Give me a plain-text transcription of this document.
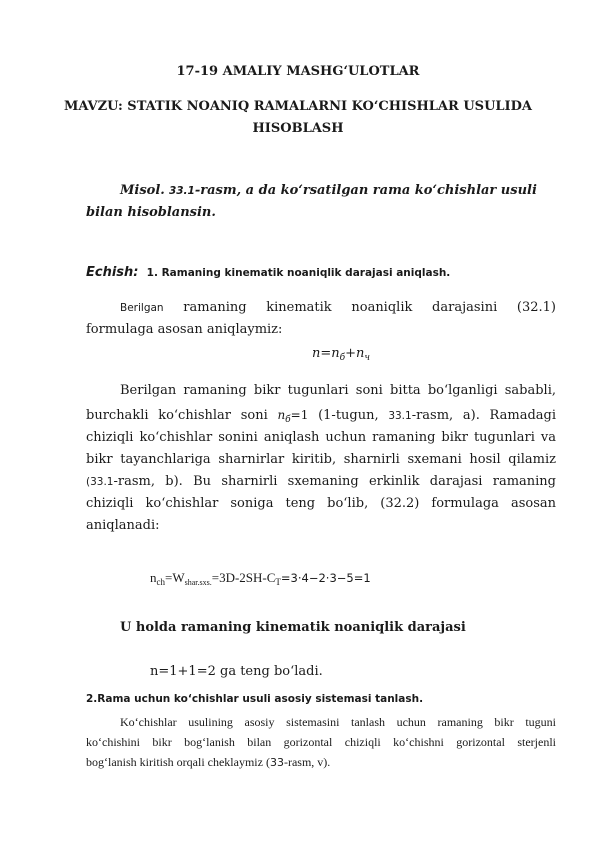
17-19 AMALIY MASHG‘ULOTLAR
MAVZU: STATIK NOANIQ RAMALARNI KO‘CHISHLAR USULIDA
HISOBLASH
Misol. 33.1-rasm, a da ko‘rsatilgan rama ko‘chishlar usuli
bilan hisoblansin.
Echish: 1. Ramaning kinematik noaniqlik darajasi aniqlash.
Berilgan ramaning kinematik noaniqlik darajasini (32.1)
formulaga asosan aniqlaymiz:
$n=n_б+n_ч$
Berilgan ramaning bikr tugunlari soni bitta bo‘lganligi sababli,
burchakli ko‘chishlar soni $n_б=1$ (1-tugun, 33.1-rasm, a). Ramadagi
chiziqli ko‘chishlar sonini aniqlash uchun ramaning bikr tugunlari va
bikr tayanchlariga sharnirlar kiritib, sharnirli sxemani hosil qilamiz
(33.1-rasm, b). Bu sharnirli sxemaning erkinlik darajasi ramaning
chiziqli ko‘chishlar soniga teng bo‘lib, (32.2) formulaga asosan
aniqlanadi:
$n_{ch}=W_{shar.sxs.}=3D-2SH-C_T=3\cdot 4-2\cdot 3-5=1$
U holda ramaning kinematik noaniqlik darajasi
n=1+1=2 ga teng bo‘ladi.
2.Rama uchun ko‘chishlar usuli asosiy sistemasi tanlash.
Ko‘chishlar usulining asosiy sistemasini tanlash uchun ramaning bikr tuguni
ko‘chishini bikr bog‘lanish bilan gorizontal chiziqli ko‘chishni gorizontal sterjenli
bog‘lanish kiritish orqali cheklaymiz (33-rasm, v).
